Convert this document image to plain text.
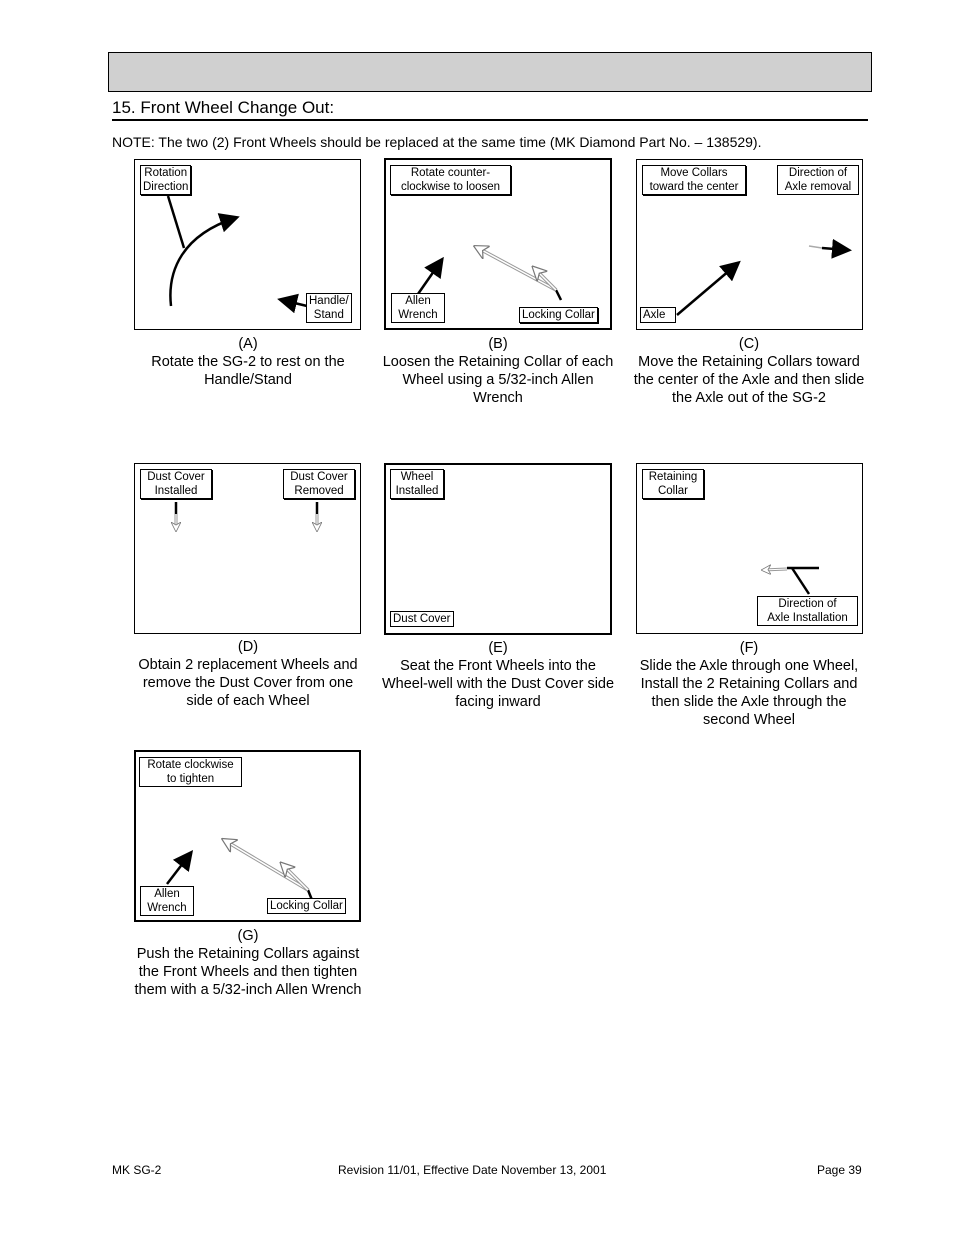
15. Front Wheel Change Out:
NOTE: The two (2) Front Wheels should be replaced at the same time (MK Diamond Part No. – 138529).
Rotation
Direction
Handle/
Stand
(A)
Rotate the SG-2 to rest on the Handle/Stand
Rotate counter-
clockwise to loosen
Allen
Wrench	Locking Collar
(B)
Loosen the Retaining Collar of each Wheel using a 5/32-inch Allen Wrench
Move Collars
toward the center
Direction of
Axle removal
Axle
(C)
Move the Retaining Collars toward the center of the Axle and then slide the Axle out of the SG-2
Dust Cover
Installed
Dust Cover
Removed
(D)
Obtain 2 replacement Wheels and remove the Dust Cover from one side of each Wheel
Wheel
Installed
Dust Cover
(E)
Seat the Front Wheels into the Wheel-well with the Dust Cover side facing inward
Retaining
Collar
Direction of
Axle Installation
(F)
Slide the Axle through one Wheel, Install the 2 Retaining Collars and then slide the Axle through the second Wheel
Rotate clockwise
to tighten
Allen
Wrench	Locking Collar
(G)
Push the Retaining Collars against the Front Wheels and then tighten them with a 5/32-inch Allen Wrench
MK SG-2	Revision 11/01, Effective Date November 13, 2001	Page 39
